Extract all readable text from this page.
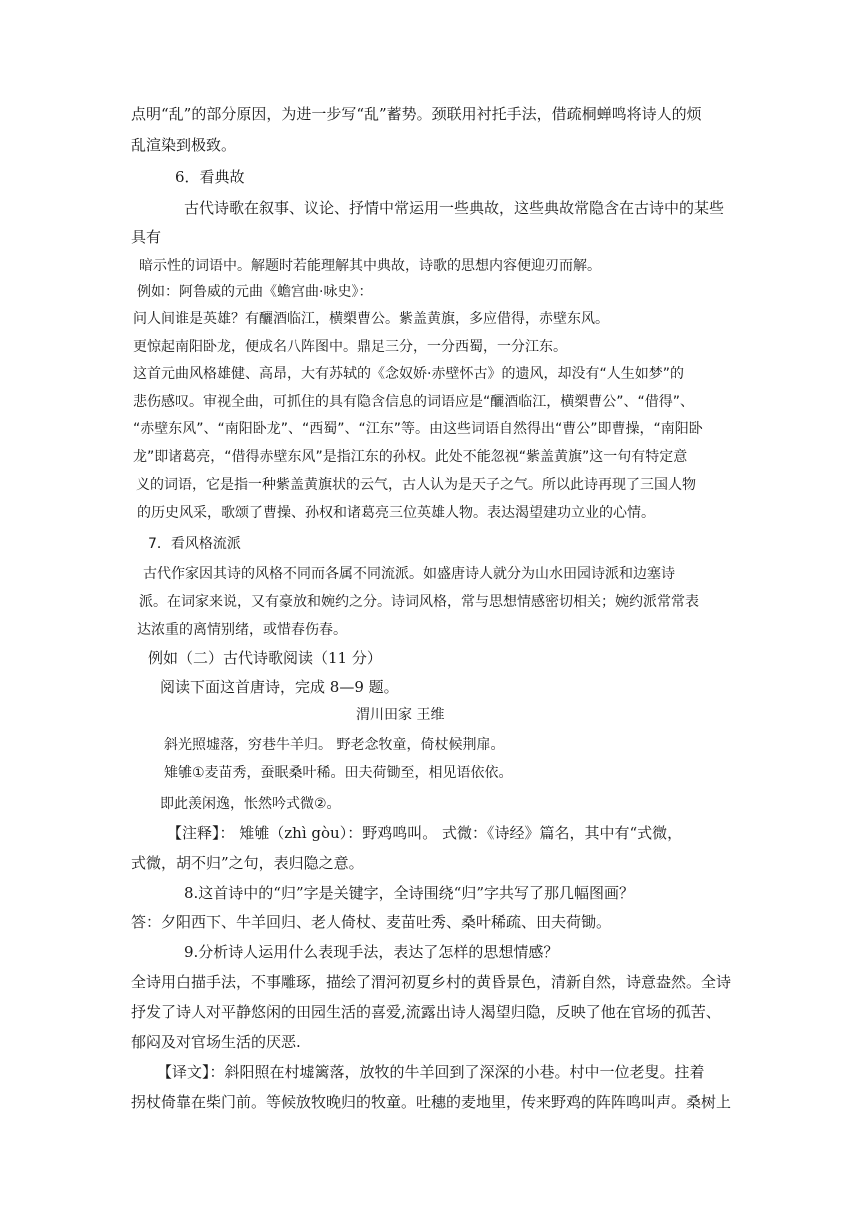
点明“乱”的部分原因，为进一步写“乱”蓄势。颈联用衬托手法，借疏桐蝉鸣将诗人的烦
乱渲染到极致。
6．看典故
古代诗歌在叙事、议论、抒情中常运用一些典故，这些典故常隐含在古诗中的某些
具有
暗示性的词语中。解题时若能理解其中典故，诗歌的思想内容便迎刃而解。
例如：阿鲁威的元曲《蟾宫曲·咏史》：
问人间谁是英雄？有釃酒临江，横槊曹公。紫盖黄旗，多应借得，赤壁东风。
更惊起南阳卧龙，便成名八阵图中。鼎足三分，一分西蜀，一分江东。
这首元曲风格雄健、高昂，大有苏轼的《念奴娇·赤壁怀古》的遗风，却没有“人生如梦”的
悲伤感叹。审视全曲，可抓住的具有隐含信息的词语应是“釃酒临江，横槊曹公”、“借得”、
“赤壁东风”、“南阳卧龙”、“西蜀”、“江东”等。由这些词语自然得出“曹公”即曹操，“南阳卧
龙”即诸葛亮，“借得赤壁东风”是指江东的孙权。此处不能忽视“紫盖黄旗”这一句有特定意
义的词语，它是指一种紫盖黄旗状的云气，古人认为是天子之气。所以此诗再现了三国人物
的历史风采，歌颂了曹操、孙权和诸葛亮三位英雄人物。表达渴望建功立业的心情。
7．看风格流派
古代作家因其诗的风格不同而各属不同流派。如盛唐诗人就分为山水田园诗派和边塞诗
派。在词家来说，又有豪放和婉约之分。诗词风格，常与思想情感密切相关；婉约派常常表
达浓重的离情别绪，或惜春伤春。
例如（二）古代诗歌阅读（11 分）
阅读下面这首唐诗，完成 8—9 题。
渭川田家 王维
斜光照墟落，穷巷牛羊归。 野老念牧童，倚杖候荆扉。
雉雊①麦苗秀，蚕眠桑叶稀。田夫荷锄至，相见语依依。
即此羡闲逸，怅然吟式微②。
【注释】： 雉雊（zhì gòu）：野鸡鸣叫。 式微：《诗经》篇名，其中有“式微，
式微，胡不归”之句，表归隐之意。
8.这首诗中的“归”字是关键字，全诗围绕“归”字共写了那几幅图画？
答：夕阳西下、牛羊回归、老人倚杖、麦苗吐秀、桑叶稀疏、田夫荷锄。
9.分析诗人运用什么表现手法，表达了怎样的思想情感？
全诗用白描手法，不事雕琢，描绘了渭河初夏乡村的黄昏景色，清新自然，诗意盎然。全诗
抒发了诗人对平静悠闲的田园生活的喜爱,流露出诗人渴望归隐，反映了他在官场的孤苦、
郁闷及对官场生活的厌恶.
【译文】：斜阳照在村墟篱落，放牧的牛羊回到了深深的小巷。村中一位老叟。拄着
拐杖倚靠在柴门前。等候放牧晚归的牧童。吐穗的麦地里，传来野鸡的阵阵鸣叫声。桑树上
